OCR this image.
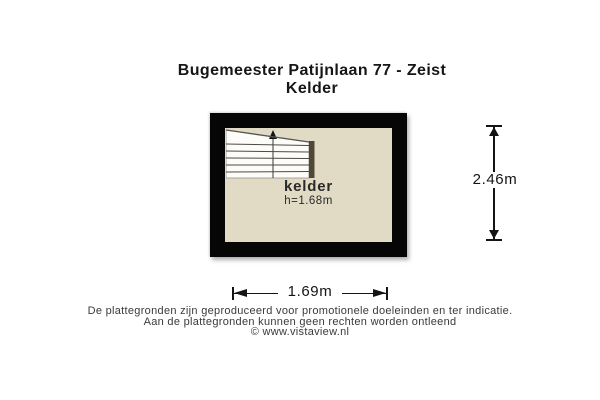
Bugemeester Patijnlaan 77 - Zeist
Kelder
kelder
h=1.68m
2.46m
1.69m
De plattegronden zijn geproduceerd voor promotionele doeleinden en ter indicatie.
Aan de plattegronden kunnen geen rechten worden ontleend
© www.vistaview.nl
